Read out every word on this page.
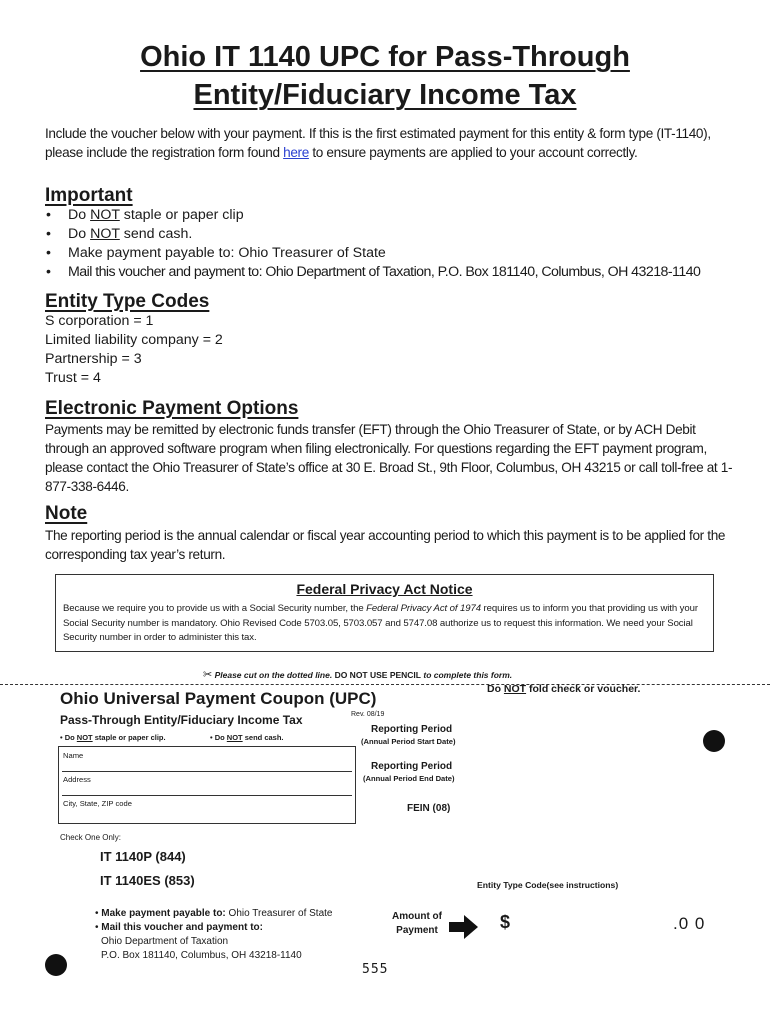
Ohio IT 1140 UPC for Pass-Through
Entity/Fiduciary Income Tax
Include the voucher below with your payment. If this is the first estimated payment for this entity & form type (IT-1140), please include the registration form found here to ensure payments are applied to your account correctly.
Important
• Do NOT staple or paper clip
• Do NOT send cash.
• Make payment payable to: Ohio Treasurer of State
• Mail this voucher and payment to: Ohio Department of Taxation, P.O. Box 181140, Columbus, OH 43218-1140
Entity Type Codes
S corporation = 1
Limited liability company = 2
Partnership = 3
Trust = 4
Electronic Payment Options
Payments may be remitted by electronic funds transfer (EFT) through the Ohio Treasurer of State, or by ACH Debit through an approved software program when filing electronically. For questions regarding the EFT payment program, please contact the Ohio Treasurer of State’s office at 30 E. Broad St., 9th Floor, Columbus, OH 43215 or call toll-free at 1-877-338-6446.
Note
The reporting period is the annual calendar or fiscal year accounting period to which this payment is to be applied for the corresponding tax year’s return.
Federal Privacy Act Notice
Because we require you to provide us with a Social Security number, the Federal Privacy Act of 1974 requires us to inform you that providing us with your Social Security number is mandatory. Ohio Revised Code 5703.05, 5703.057 and 5747.08 authorize us to request this information. We need your Social Security number in order to administer this tax.
✂ Please cut on the dotted line. DO NOT USE PENCIL to complete this form.
Do NOT fold check or voucher.
Ohio Universal Payment Coupon (UPC)
Rev. 08/19
Pass-Through Entity/Fiduciary Income Tax
• Do NOT staple or paper clip.	• Do NOT send cash.
Name
Address
City, State, ZIP code
Reporting Period
(Annual Period Start Date)
Reporting Period
(Annual Period End Date)
FEIN (08)
Check One Only:
IT 1140P (844)
IT 1140ES (853)	Entity Type Code(see instructions)
• Make payment payable to: Ohio Treasurer of State
• Mail this voucher and payment to:
Ohio Department of Taxation
P.O. Box 181140, Columbus, OH 43218-1140
Amount of
Payment	$	.0 0
555
